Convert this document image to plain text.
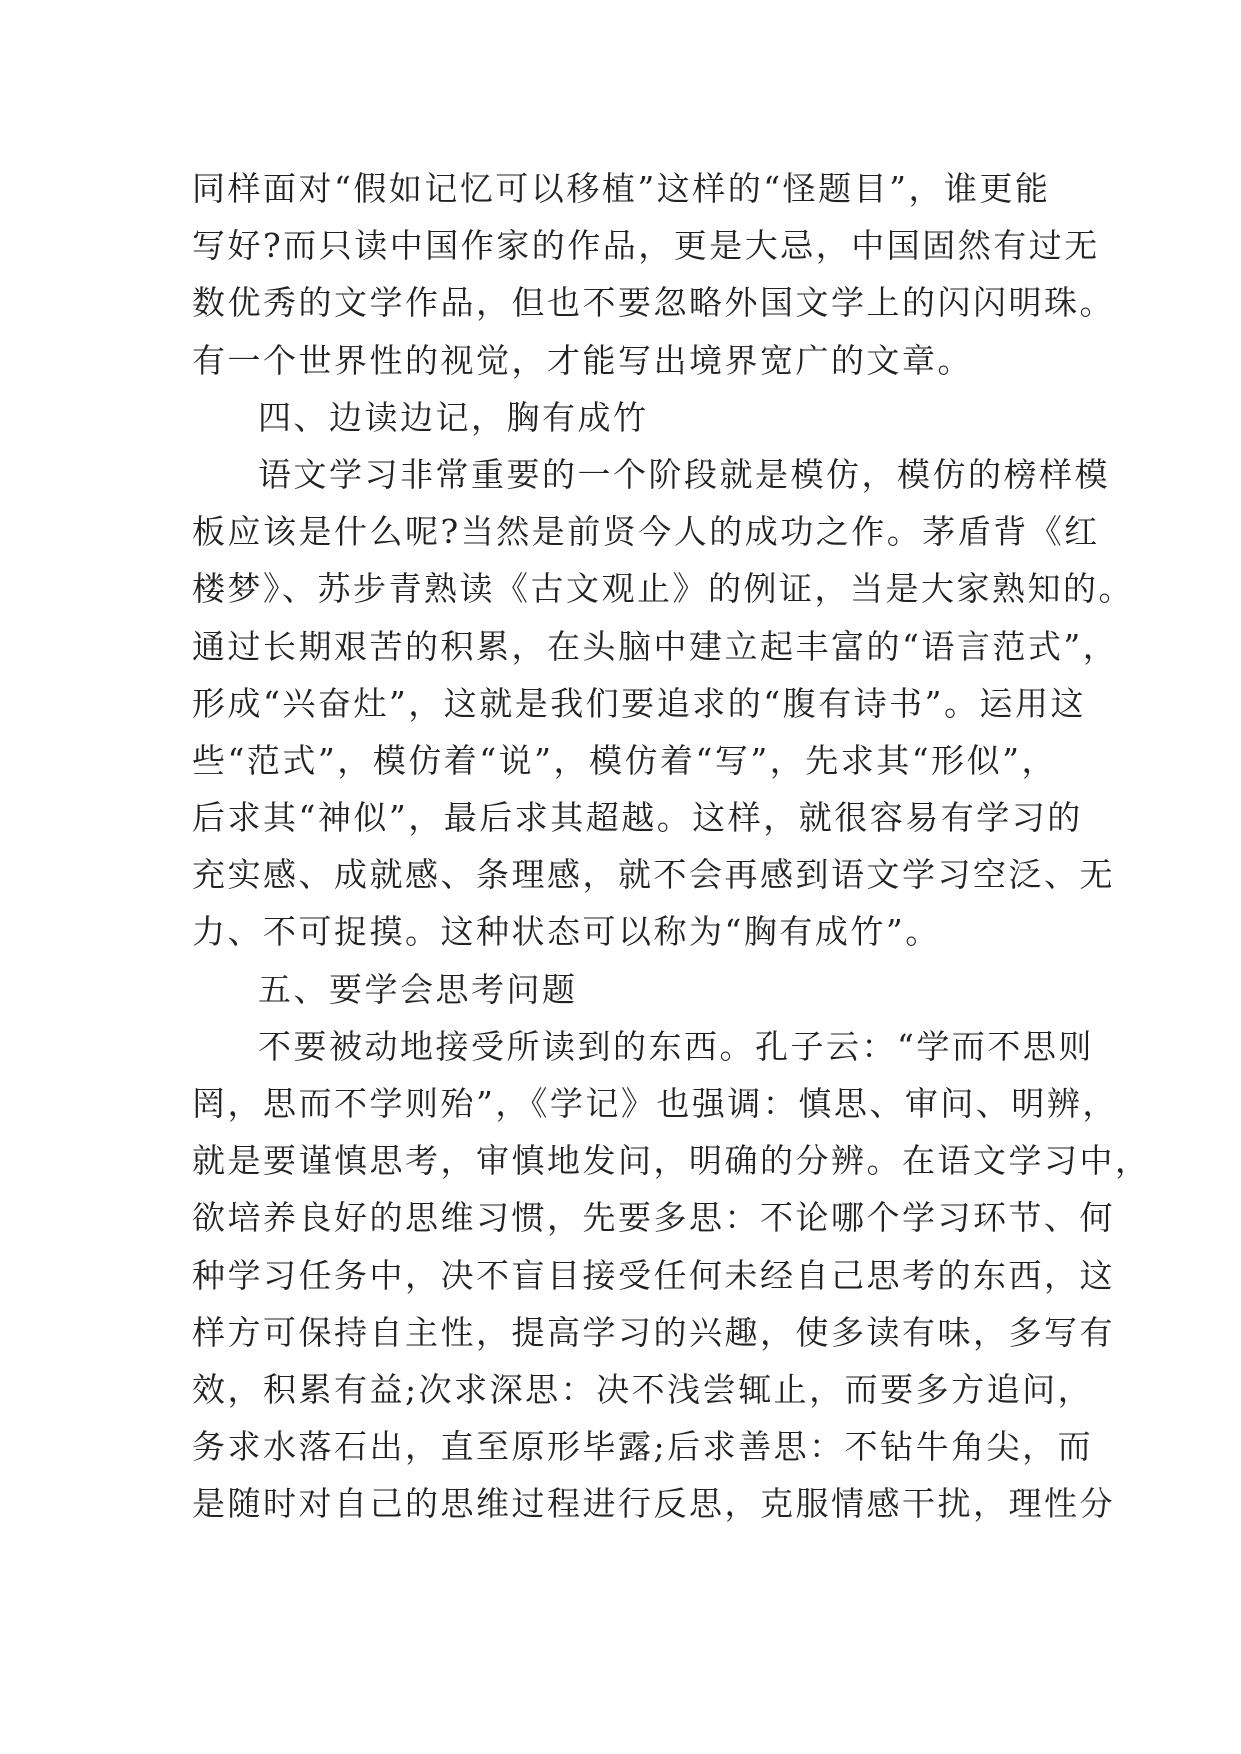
同样面对“假如记忆可以移植”这样的“怪题目”，谁更能
写好?而只读中国作家的作品，更是大忌，中国固然有过无
数优秀的文学作品，但也不要忽略外国文学上的闪闪明珠。
有一个世界性的视觉，才能写出境界宽广的文章。
四、边读边记，胸有成竹
语文学习非常重要的一个阶段就是模仿，模仿的榜样模
板应该是什么呢?当然是前贤今人的成功之作。茅盾背《红
楼梦》、苏步青熟读《古文观止》的例证，当是大家熟知的。
通过长期艰苦的积累，在头脑中建立起丰富的“语言范式”，
形成“兴奋灶”，这就是我们要追求的“腹有诗书”。运用这
些“范式”，模仿着“说”，模仿着“写”，先求其“形似”，
后求其“神似”，最后求其超越。这样，就很容易有学习的
充实感、成就感、条理感，就不会再感到语文学习空泛、无
力、不可捉摸。这种状态可以称为“胸有成竹”。
五、要学会思考问题
不要被动地接受所读到的东西。孔子云：“学而不思则
罔，思而不学则殆”，《学记》也强调：慎思、审问、明辨，
就是要谨慎思考，审慎地发问，明确的分辨。在语文学习中，
欲培养良好的思维习惯，先要多思：不论哪个学习环节、何
种学习任务中，决不盲目接受任何未经自己思考的东西，这
样方可保持自主性，提高学习的兴趣，使多读有味，多写有
效，积累有益;次求深思：决不浅尝辄止，而要多方追问，
务求水落石出，直至原形毕露;后求善思：不钻牛角尖，而
是随时对自己的思维过程进行反思，克服情感干扰，理性分
